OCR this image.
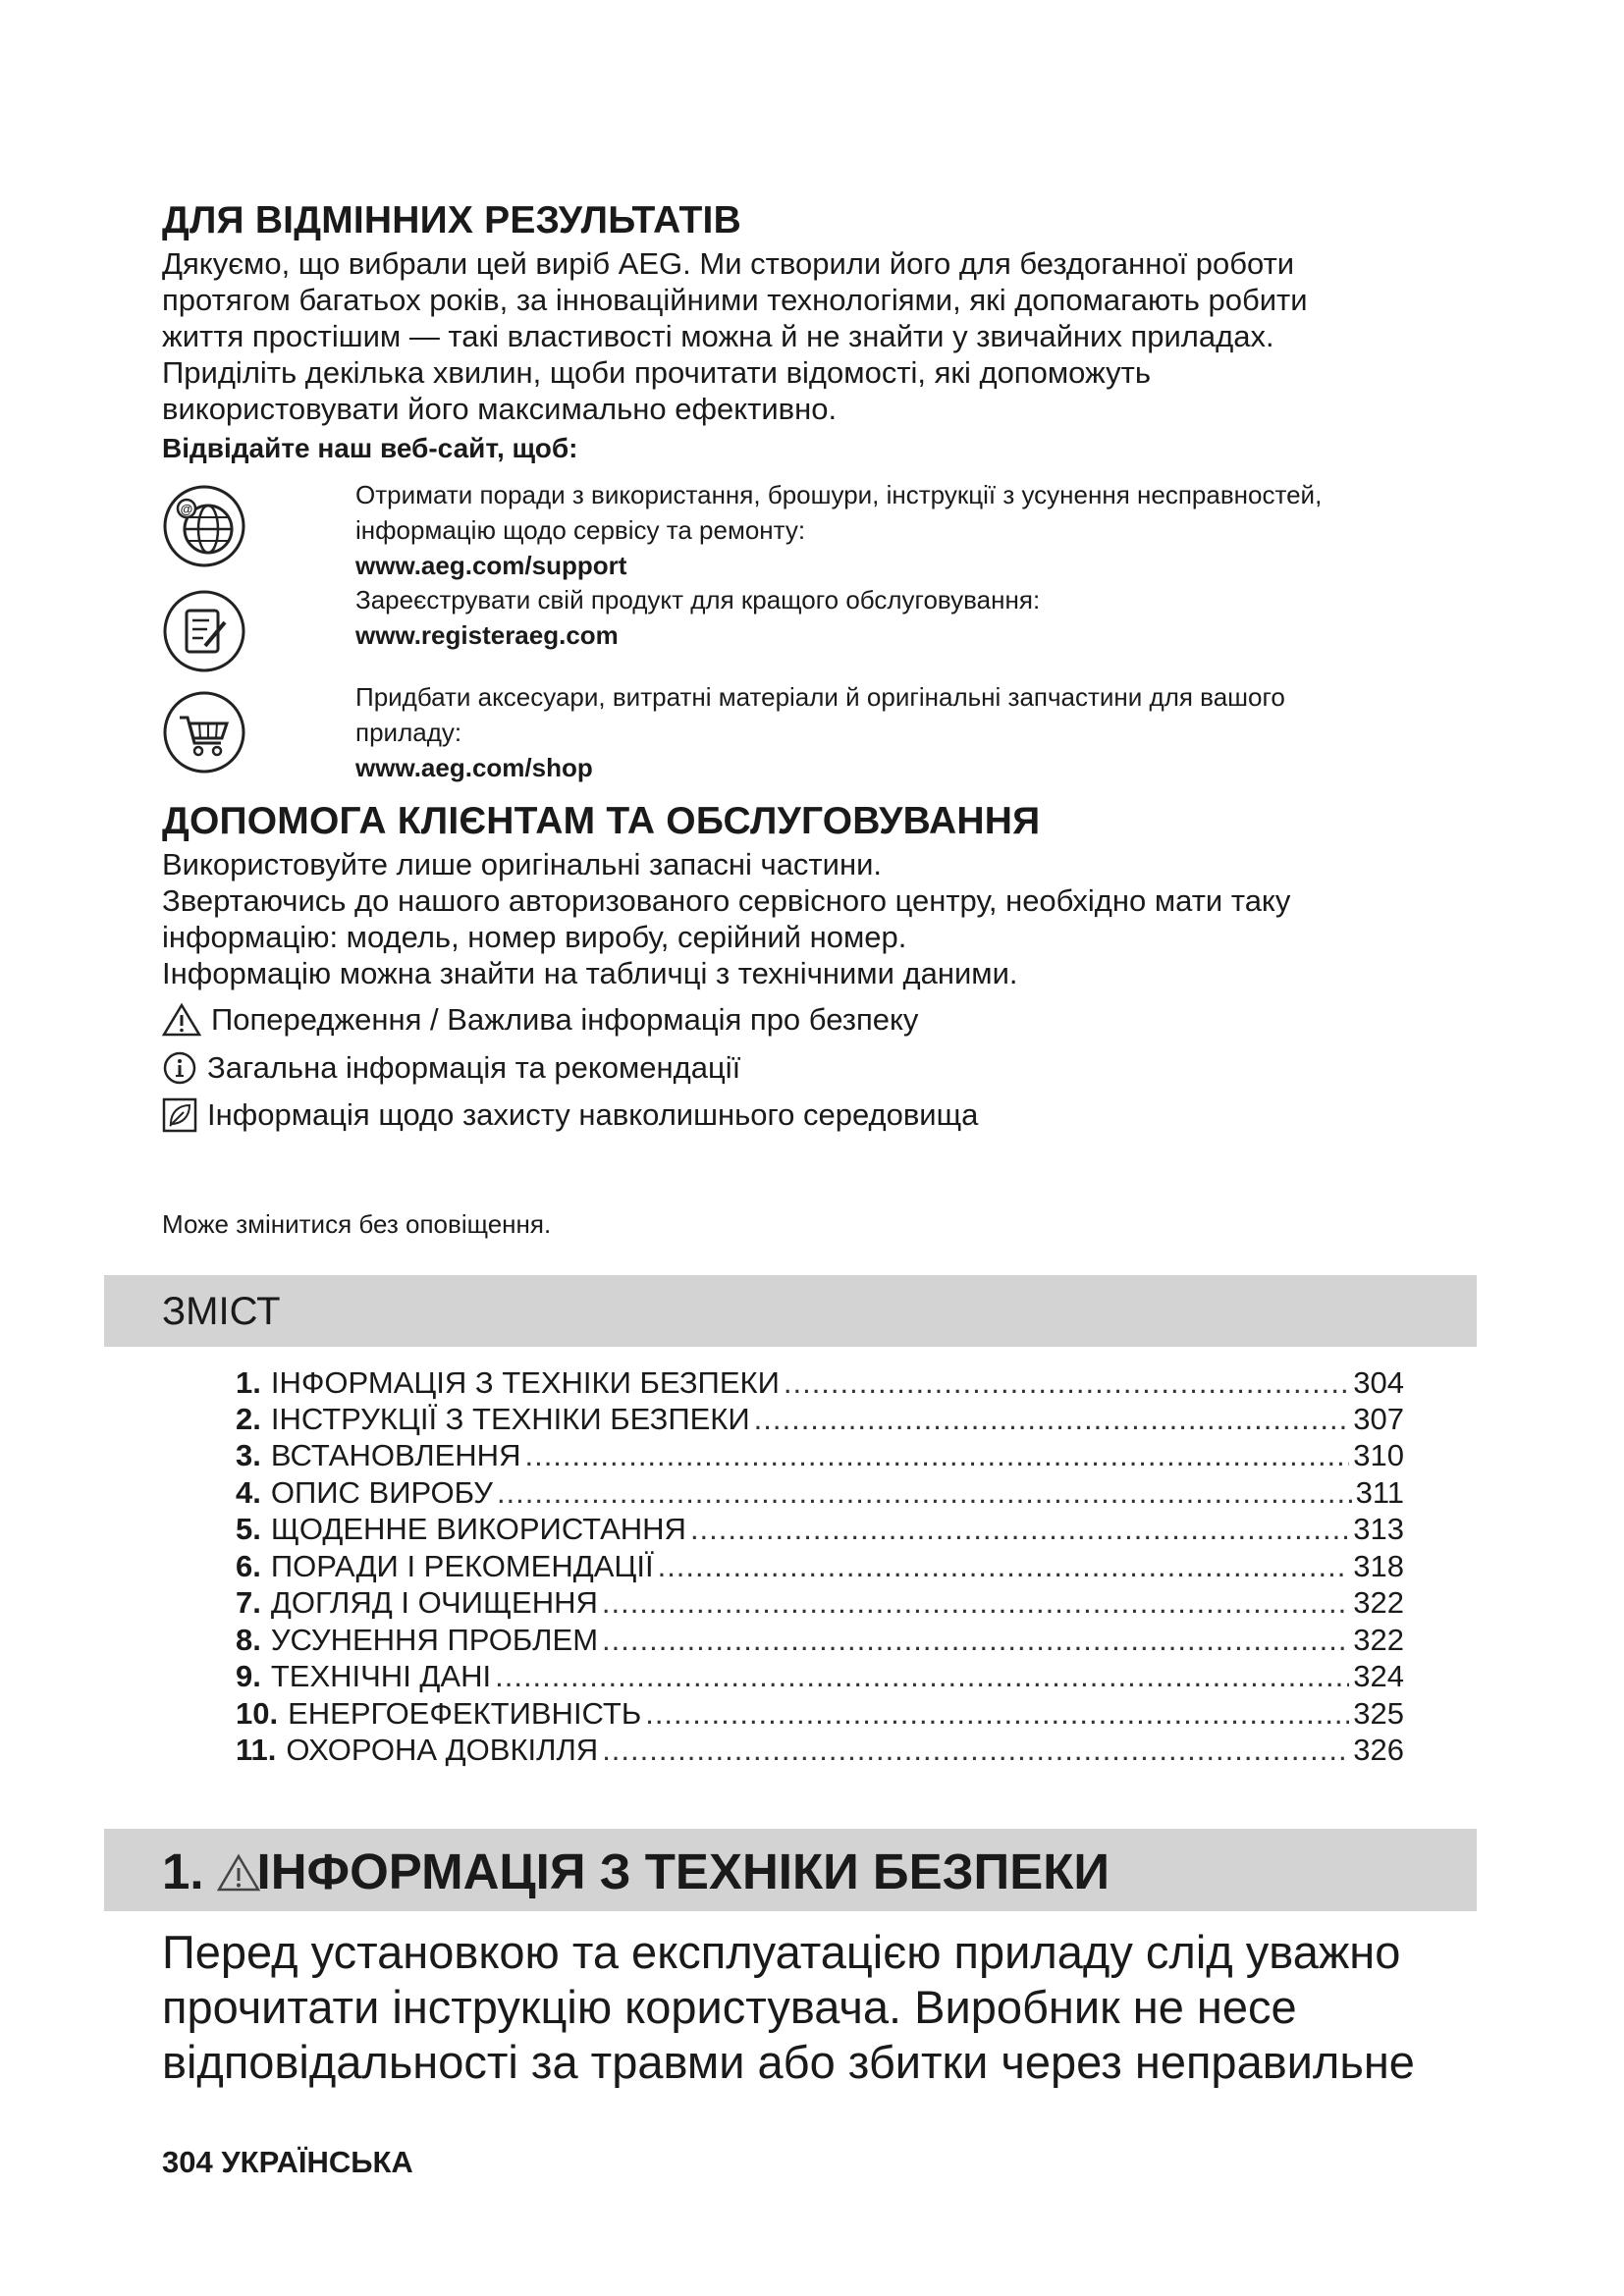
ДЛЯ ВІДМІННИХ РЕЗУЛЬТАТІВ
Дякуємо, що вибрали цей виріб AEG. Ми створили його для бездоганної роботи
протягом багатьох років, за інноваційними технологіями, які допомагають робити
життя простішим — такі властивості можна й не знайти у звичайних приладах.
Приділіть декілька хвилин, щоби прочитати відомості, які допоможуть
використовувати його максимально ефективно.
Відвідайте наш веб-сайт, щоб:
@	Отримати поради з використання, брошури, інструкції з усунення несправностей,
інформацію щодо сервісу та ремонту:
www.aeg.com/support
Зареєструвати свій продукт для кращого обслуговування:
www.registeraeg.com
Придбати аксесуари, витратні матеріали й оригінальні запчастини для вашого
приладу:
www.aeg.com/shop
ДОПОМОГА КЛІЄНТАМ ТА ОБСЛУГОВУВАННЯ
Використовуйте лише оригінальні запасні частини.
Звертаючись до нашого авторизованого сервісного центру, необхідно мати таку
інформацію: модель, номер виробу, серійний номер.
Інформацію можна знайти на табличці з технічними даними.
Попередження / Важлива інформація про безпеку
Загальна інформація та рекомендації
Інформація щодо захисту навколишнього середовища
Може змінитися без оповіщення.
ЗМІСТ
1. ІНФОРМАЦІЯ З ТЕХНІКИ БЕЗПЕКИ .....	304
2. ІНСТРУКЦІЇ З ТЕХНІКИ БЕЗПЕКИ .....	307
3. ВСТАНОВЛЕННЯ .....	310
4. ОПИС ВИРОБУ .....	311
5. ЩОДЕННЕ ВИКОРИСТАННЯ .....	313
6. ПОРАДИ І РЕКОМЕНДАЦІЇ .....	318
7. ДОГЛЯД І ОЧИЩЕННЯ .....	322
8. УСУНЕННЯ ПРОБЛЕМ .....	322
9. ТЕХНІЧНІ ДАНІ .....	324
10. ЕНЕРГОЕФЕКТИВНІСТЬ .....	325
11. ОХОРОНА ДОВКІЛЛЯ .....	326
1. ІНФОРМАЦІЯ З ТЕХНІКИ БЕЗПЕКИ
Перед установкою та експлуатацією приладу слід уважно
прочитати інструкцію користувача. Виробник не несе
відповідальності за травми або збитки через неправильне
304 УКРАЇНСЬКА
